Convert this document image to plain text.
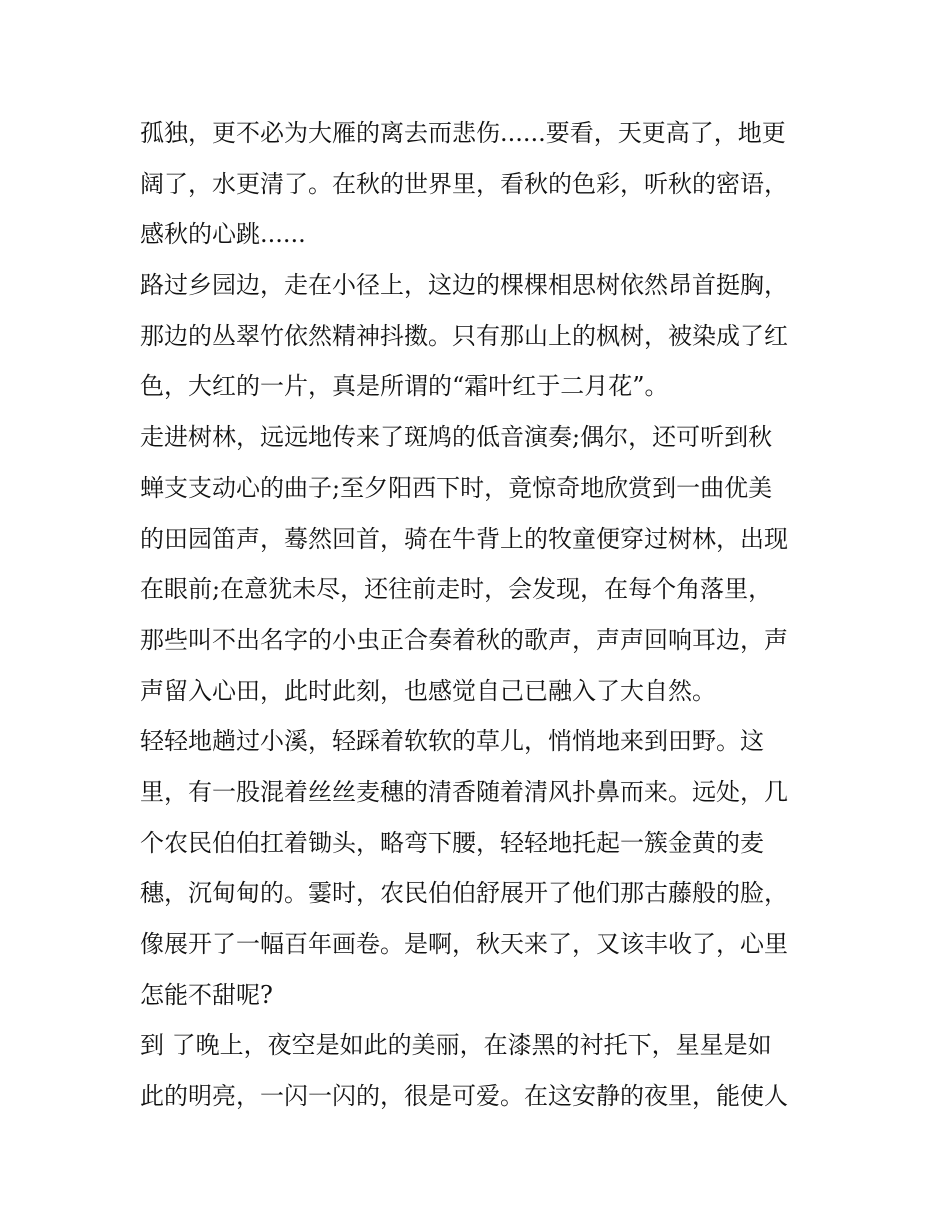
孤独，更不必为大雁的离去而悲伤......要看，天更高了，地更
阔了，水更清了。在秋的世界里，看秋的色彩，听秋的密语，
感秋的心跳......
路过乡园边，走在小径上，这边的棵棵相思树依然昂首挺胸，
那边的丛翠竹依然精神抖擞。只有那山上的枫树，被染成了红
色，大红的一片，真是所谓的“霜叶红于二月花”。
走进树林，远远地传来了斑鸠的低音演奏;偶尔，还可听到秋
蝉支支动心的曲子;至夕阳西下时，竟惊奇地欣赏到一曲优美
的田园笛声，蓦然回首，骑在牛背上的牧童便穿过树林，出现
在眼前;在意犹未尽，还往前走时，会发现，在每个角落里，
那些叫不出名字的小虫正合奏着秋的歌声，声声回响耳边，声
声留入心田，此时此刻，也感觉自己已融入了大自然。
轻轻地趟过小溪，轻踩着软软的草儿，悄悄地来到田野。这
里，有一股混着丝丝麦穗的清香随着清风扑鼻而来。远处，几
个农民伯伯扛着锄头，略弯下腰，轻轻地托起一簇金黄的麦
穗，沉甸甸的。霎时，农民伯伯舒展开了他们那古藤般的脸，
像展开了一幅百年画卷。是啊，秋天来了，又该丰收了，心里
怎能不甜呢?
到 了晚上，夜空是如此的美丽，在漆黑的衬托下，星星是如
此的明亮，一闪一闪的，很是可爱。在这安静的夜里，能使人
